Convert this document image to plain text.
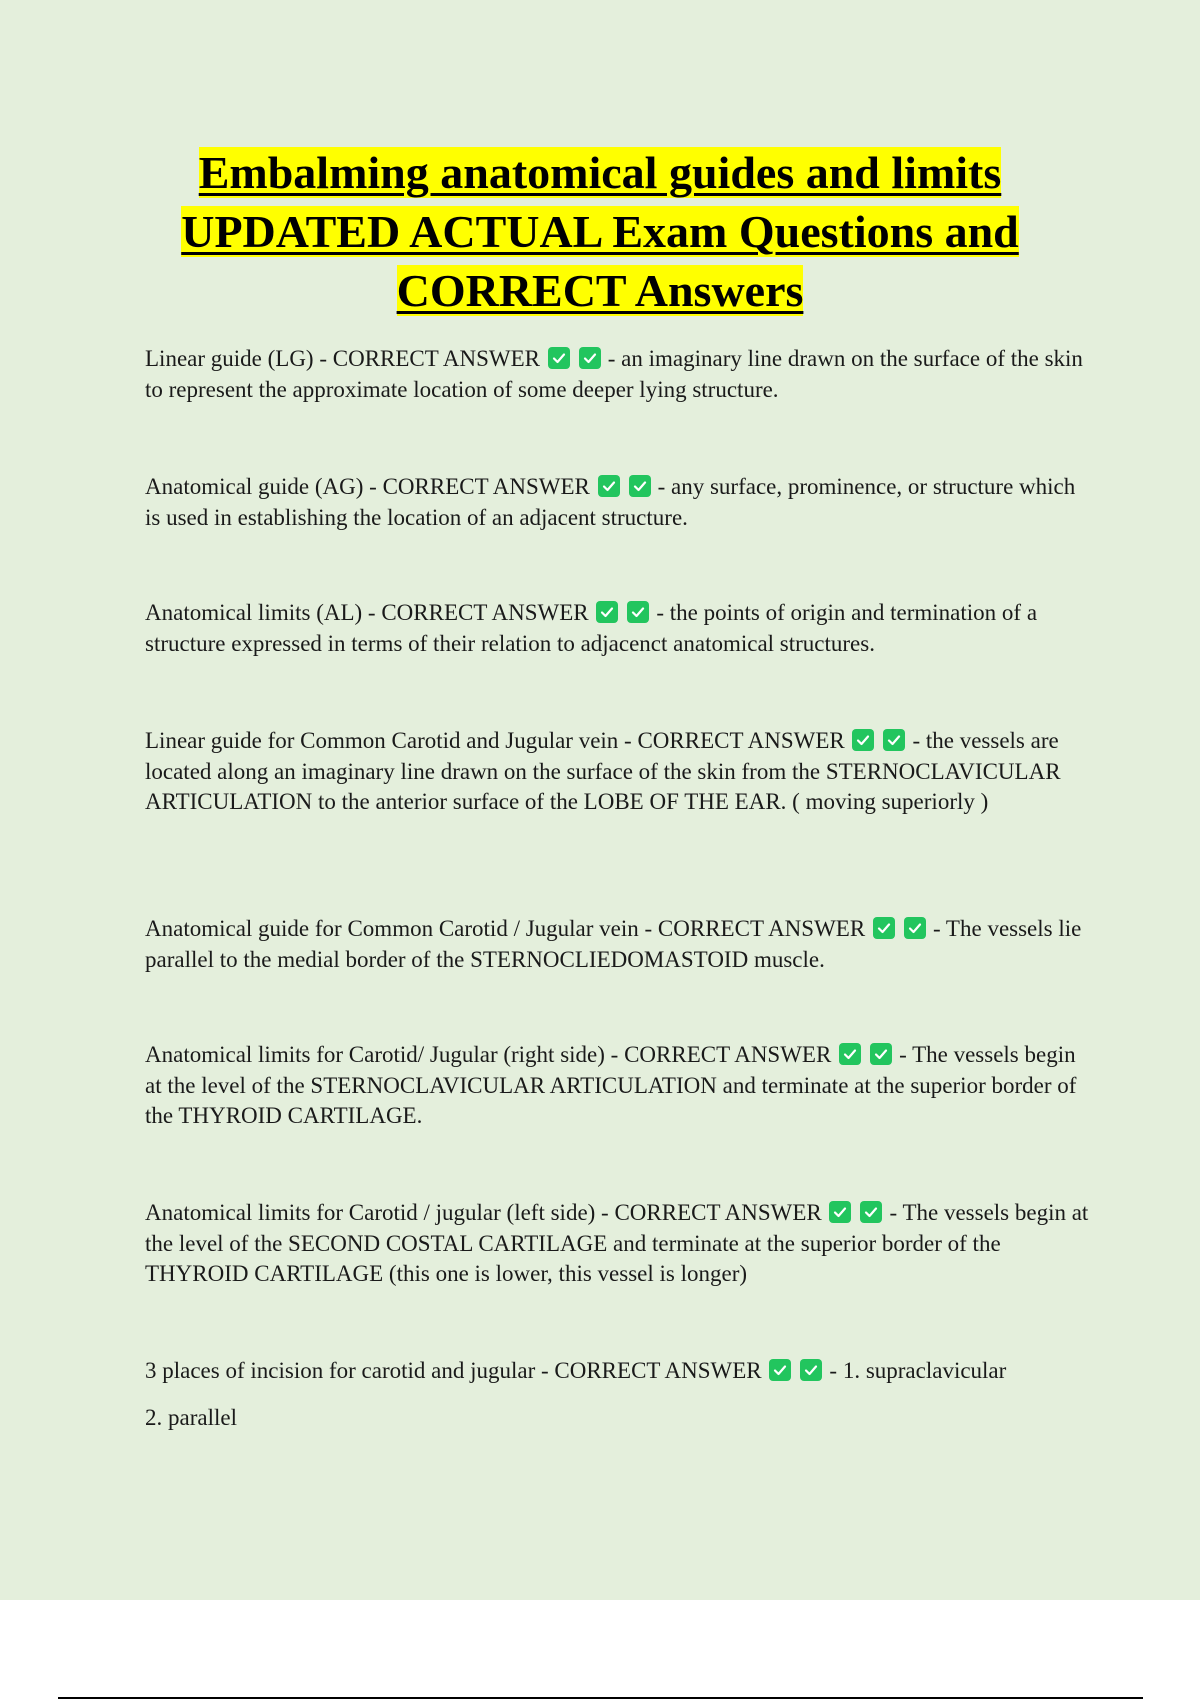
Embalming anatomical guides and limits
UPDATED ACTUAL Exam Questions and
CORRECT Answers
Linear guide (LG) - CORRECT ANSWER	- an imaginary line drawn on the surface of the skin to represent the approximate location of some deeper lying structure.
Anatomical guide (AG) - CORRECT ANSWER	- any surface, prominence, or structure which is used in establishing the location of an adjacent structure.
Anatomical limits (AL) - CORRECT ANSWER	- the points of origin and termination of a structure expressed in terms of their relation to adjacenct anatomical structures.
Linear guide for Common Carotid and Jugular vein - CORRECT ANSWER	- the vessels are located along an imaginary line drawn on the surface of the skin from the STERNOCLAVICULAR ARTICULATION to the anterior surface of the LOBE OF THE EAR. ( moving superiorly )
Anatomical guide for Common Carotid / Jugular vein - CORRECT ANSWER	- The vessels lie parallel to the medial border of the STERNOCLIEDOMASTOID muscle.
Anatomical limits for Carotid/ Jugular (right side) - CORRECT ANSWER	- The vessels begin at the level of the STERNOCLAVICULAR ARTICULATION and terminate at the superior border of the THYROID CARTILAGE.
Anatomical limits for Carotid / jugular (left side) - CORRECT ANSWER	- The vessels begin at the level of the SECOND COSTAL CARTILAGE and terminate at the superior border of the THYROID CARTILAGE (this one is lower, this vessel is longer)
3 places of incision for carotid and jugular - CORRECT ANSWER	- 1. supraclavicular
2. parallel
